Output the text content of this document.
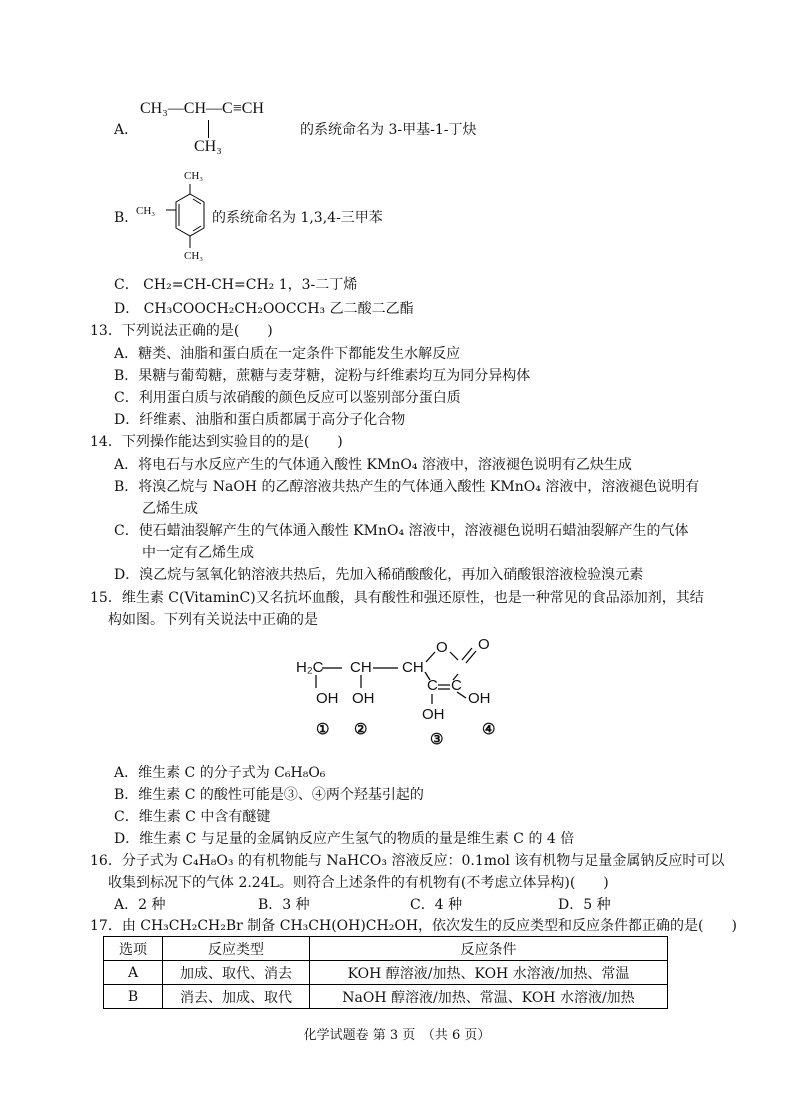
CH₃—CH—C≡CH
CH₃
A．	的系统命名为 3-甲基-1-丁炔
B．
CH₃
CH₃
CH₃
的系统命名为 1,3,4-三甲苯
C． CH₂=CH-CH=CH₂ 1，3-二丁烯
D． CH₃COOCH₂CH₂OOCCH₃ 乙二酸二乙酯
13．下列说法正确的是(　　)
A．糖类、油脂和蛋白质在一定条件下都能发生水解反应
B．果糖与葡萄糖，蔗糖与麦芽糖，淀粉与纤维素均互为同分异构体
C．利用蛋白质与浓硝酸的颜色反应可以鉴别部分蛋白质
D．纤维素、油脂和蛋白质都属于高分子化合物
14．下列操作能达到实验目的的是(　　)
A．将电石与水反应产生的气体通入酸性 KMnO₄ 溶液中，溶液褪色说明有乙炔生成
B．将溴乙烷与 NaOH 的乙醇溶液共热产生的气体通入酸性 KMnO₄ 溶液中，溶液褪色说明有
乙烯生成
C．使石蜡油裂解产生的气体通入酸性 KMnO₄ 溶液中，溶液褪色说明石蜡油裂解产生的气体
中一定有乙烯生成
D．溴乙烷与氢氧化钠溶液共热后，先加入稀硝酸酸化，再加入硝酸银溶液检验溴元素
15．维生素 C(VitaminC)又名抗坏血酸，具有酸性和强还原性，也是一种常见的食品添加剂，其结
构如图。下列有关说法中正确的是
H₂C CH CH
O O
C C
OH OH
OH
OH
① ②
③
④
A．维生素 C 的分子式为 C₆H₈O₆
B．维生素 C 的酸性可能是③、④两个羟基引起的
C．维生素 C 中含有醚键
D．维生素 C 与足量的金属钠反应产生氢气的物质的量是维生素 C 的 4 倍
16．分子式为 C₄H₈O₃ 的有机物能与 NaHCO₃ 溶液反应：0.1mol 该有机物与足量金属钠反应时可以
收集到标况下的气体 2.24L。则符合上述条件的有机物有(不考虑立体异构)(　　)
A．2 种	B．3 种	C．4 种	D．5 种
17．由 CH₃CH₂CH₂Br 制备 CH₃CH(OH)CH₂OH，依次发生的反应类型和反应条件都正确的是(　　)
选项	反应类型	反应条件
A	加成、取代、消去	KOH 醇溶液/加热、KOH 水溶液/加热、常温
B	消去、加成、取代	NaOH 醇溶液/加热、常温、KOH 水溶液/加热
化学试题卷 第 3 页　（共 6 页）
